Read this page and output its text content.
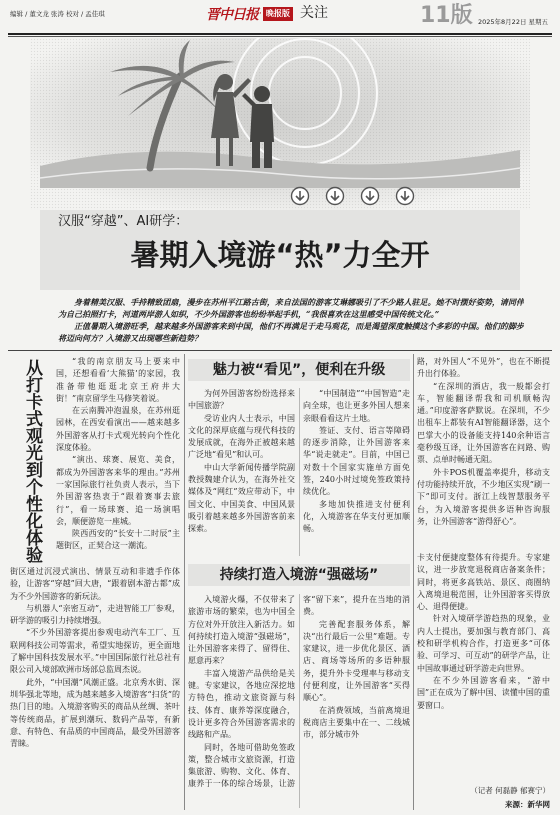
编辑 / 董文龙 张涛 校对 / 孟佳琪	晋中日报 · 晚报版 关注	11版 2025年8月22日 星期五
汉服“穿越”、AI研学：
暑期入境游“热”力全开

身着精美汉服、手持精致团扇，漫步在苏州平江路古街，来自法国的游客艾琳娜吸引了不少路人驻足。她不时摆好姿势，请同伴为自己拍照打卡，河道两岸游人如织，不少外国游客也纷纷举起手机，“我很喜欢在这里感受中国传统文化。”

正值暑期入境游旺季，越来越多外国游客来到中国，他们不再满足于走马观花，而是渴望深度触摸这个多彩的中国。他们的脚步将迈向何方？入境游又出现哪些新趋势？

从打卡式观光到个性化体验	“我的南京朋友马上要来中国，还想看看‘大熊猫’的家园，我准备带他逛逛北京王府井大街！”南京留学生马修笑着说。

在云南腾冲泡温泉，在苏州逛园林，在西安看演出——越来越多外国游客从打卡式观光转向个性化深度体验。

“演出、球赛、展览、美食，都成为外国游客来华的理由。”苏州一家国际旅行社负责人表示，当下外国游客热衷于“跟着赛事去旅行”，看一场球赛、追一场演唱会，顺便游览一座城。

陕西西安的“长安十二时辰”主题街区，正契合这一潮流。

街区通过沉浸式演出、情景互动和非遗手作体验，让游客“穿越”回大唐，“跟着剧本游古都”成为不少外国游客的新玩法。

与机器人“亲密互动”，走进智能工厂参观，研学游的吸引力持续增强。

“不少外国游客提出参观电动汽车工厂、互联网科技公司等需求，希望实地探访，更全面地了解中国科技发展水平。”中国国际旅行社总社有限公司入境部欧洲市场部总监周杰说。

此外，“中国潮”风潮正盛。北京秀水街、深圳华强北等地，成为越来越多入境游客“扫货”的热门目的地。入境游客购买的商品从丝绸、茶叶等传统商品，扩展到潮玩、数码产品等，有新意、有特色、有品质的中国商品，最受外国游客青睐。

魅力被“看见”，便利在升级

为何外国游客纷纷选择来中国旅游？

受访业内人士表示，中国文化的深厚底蕴与现代科技的发展成就，在海外正被越来越广泛地“看见”和认可。

中山大学新闻传播学院副教授魏建介认为，在海外社交媒体及“网红”效应带动下，中国文化、中国美食、中国风景吸引着越来越多外国游客前来探索。

“中国制造”“中国智造”走向全球，也让更多外国人想来亲眼看看这片土地。

签证、支付、语言等障碍的逐步消除，让外国游客来华“说走就走”。目前，中国已对数十个国家实施单方面免签，240小时过境免签政策持续优化。

多地加快推进支付便利化，入境游客在华支付更加顺畅。

持续打造入境游“强磁场”

入境游火爆，不仅带来了旅游市场的繁荣，也为中国全方位对外开放注入新活力。如何持续打造入境游“强磁场”，让外国游客来得了、留得住、愿意再来？

丰富入境游产品供给是关键。专家建议，各地应深挖地方特色，推动文旅资源与科技、体育、康养等深度融合，设计更多符合外国游客需求的线路和产品。

同时，各地可借助免签政策，整合城市文旅资源，打造集旅游、购物、文化、体育、康养于一体的综合场景，让游客“留下来”，提升在当地的消费。

完善配套服务体系，解决“出行最后一公里”难题。专家建议，进一步优化景区、酒店、商场等场所的多语种服务，提升外卡受理率与移动支付便利度，让外国游客“买得顺心”。

在消费领域，当前离境退税商店主要集中在一、二线城市，部分城市外

路，对外国人“不见外”，也在不断提升出行体验。

“在深圳的酒店，我一般都会打车，智能翻译帮我和司机顺畅沟通。”印度游客萨默说。在深圳，不少出租车上都装有AI智能翻译器，这个巴掌大小的设备能支持140余种语言毫秒级互译，让外国游客在问路、购票、点单时畅通无阻。

外卡POS机覆盖率提升，移动支付功能持续开放，不少地区实现“刷一下”即可支付。浙江上线智慧服务平台，为入境游客提供多语种咨询服务，让外国游客“游得舒心”。

卡支付便捷度整体有待提升。专家建议，进一步放宽退税商店备案条件；同时，将更多高铁站、景区、商圈纳入离境退税范围，让外国游客买得放心、退得便捷。

针对入境研学游趋热的现象，业内人士提出，要加强与教育部门、高校和研学机构合作，打造更多“可体验、可学习、可互动”的研学产品，让中国故事通过研学游走向世界。

在不少外国游客看来，“游中国”正在成为了解中国、读懂中国的重要窗口。

（记者 何磊静 郁赛宁）
来源：新华网
